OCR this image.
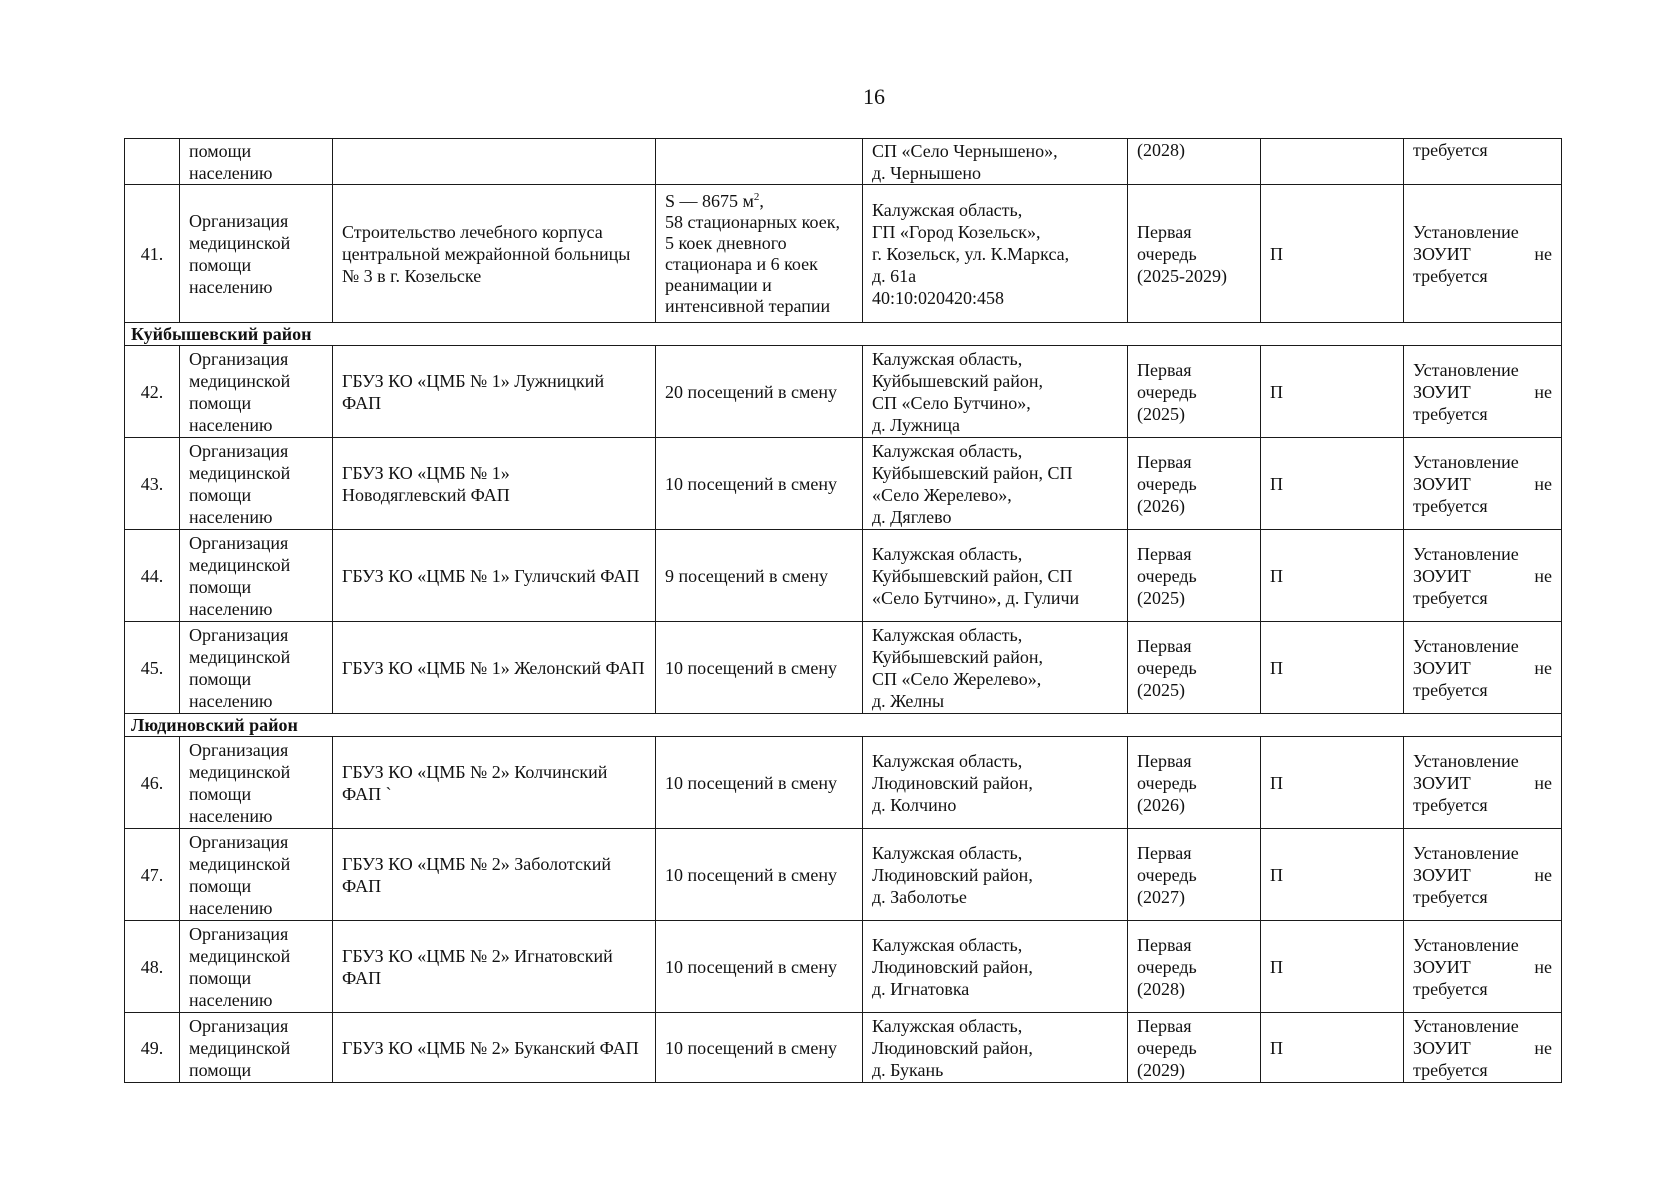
16
	помощи
населению			СП «Село Чернышено»,
д. Чернышено	(2028)		требуется
41.	Организация
медицинской
помощи
населению	Строительство лечебного корпуса центральной межрайонной больницы № 3 в г. Козельске	S — 8675 $м^2$,
58 стационарных коек, 5 коек дневного стационара и 6 коек реанимации и интенсивной терапии	Калужская область,
ГП «Город Козельск»,
г. Козельск, ул. К.Маркса,
д. 61а
40:10:020420:458	Первая
очередь
(2025-2029)	П	Установление
ЗОУИТ не
требуется

Куйбышевский район							
42.	Организация
медицинской
помощи
населению	ГБУЗ КО «ЦМБ № 1» Лужницкий ФАП	20 посещений в смену	Калужская область,
Куйбышевский район,
СП «Село Бутчино»,
д. Лужница	Первая
очередь
(2025)	П	Установление
ЗОУИТ не
требуется

43.	Организация
медицинской
помощи
населению	ГБУЗ КО «ЦМБ № 1»
Новодяглевский ФАП	10 посещений в смену	Калужская область,
Куйбышевский район, СП
«Село Жерелево»,
д. Дяглево	Первая
очередь
(2026)	П	Установление
ЗОУИТ не
требуется

44.	Организация
медицинской
помощи
населению	ГБУЗ КО «ЦМБ № 1» Гуличский ФАП	9 посещений в смену	Калужская область,
Куйбышевский район, СП
«Село Бутчино», д. Гуличи	Первая
очередь
(2025)	П	Установление
ЗОУИТ не
требуется

45.	Организация
медицинской
помощи
населению	ГБУЗ КО «ЦМБ № 1» Желонский ФАП	10 посещений в смену	Калужская область,
Куйбышевский район,
СП «Село Жерелево»,
д. Желны	Первая
очередь
(2025)	П	Установление
ЗОУИТ не
требуется

Людиновский район							
46.	Организация
медицинской
помощи
населению	ГБУЗ КО «ЦМБ № 2» Колчинский ФАП `	10 посещений в смену	Калужская область,
Людиновский район,
д. Колчино	Первая
очередь
(2026)	П	Установление
ЗОУИТ не
требуется

47.	Организация
медицинской
помощи
населению	ГБУЗ КО «ЦМБ № 2» Заболотский ФАП	10 посещений в смену	Калужская область,
Людиновский район,
д. Заболотье	Первая
очередь
(2027)	П	Установление
ЗОУИТ не
требуется

48.	Организация
медицинской
помощи
населению	ГБУЗ КО «ЦМБ № 2» Игнатовский ФАП	10 посещений в смену	Калужская область,
Людиновский район,
д. Игнатовка	Первая
очередь
(2028)	П	Установление
ЗОУИТ не
требуется

49.	Организация
медицинской
помощи	ГБУЗ КО «ЦМБ № 2» Буканский ФАП	10 посещений в смену	Калужская область,
Людиновский район,
д. Букань	Первая
очередь
(2029)	П	Установление
ЗОУИТ не
требуется
